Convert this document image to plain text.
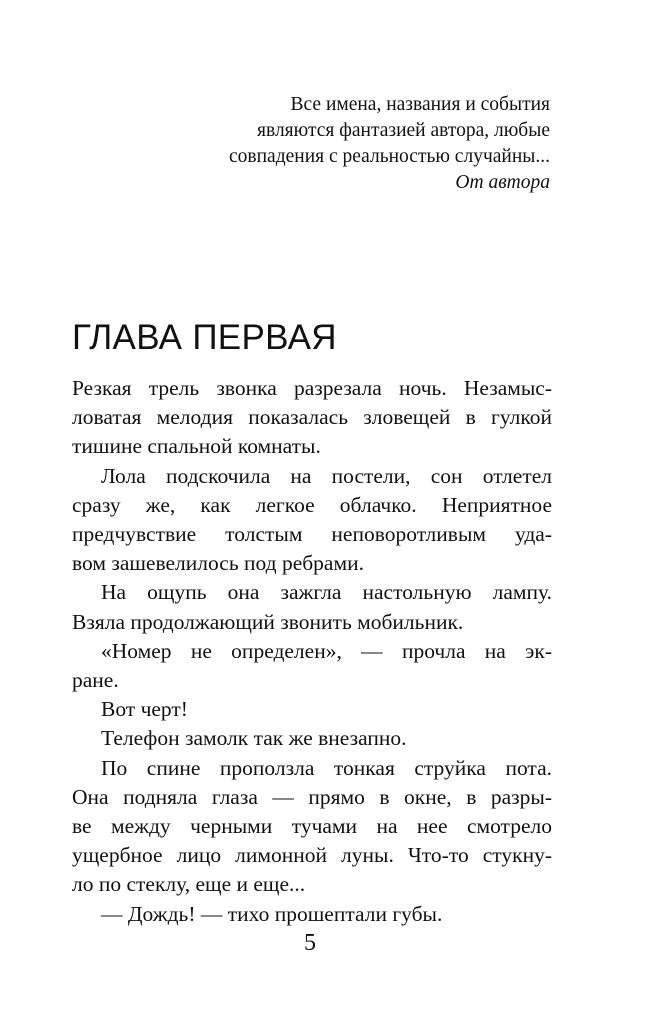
Все имена, названия и события
являются фантазией автора, любые
совпадения с реальностью случайны...
От автора
ГЛАВА ПЕРВАЯ
Резкая трель звонка разрезала ночь. Незамыс-
ловатая мелодия показалась зловещей в гулкой
тишине спальной комнаты.
Лола подскочила на постели, сон отлетел
сразу же, как легкое облачко. Неприятное
предчувствие толстым неповоротливым уда-
вом зашевелилось под ребрами.
На ощупь она зажгла настольную лампу.
Взяла продолжающий звонить мобильник.
«Номер не определен», — прочла на эк-
ране.
Вот черт!
Телефон замолк так же внезапно.
По спине проползла тонкая струйка пота.
Она подняла глаза — прямо в окне, в разры-
ве между черными тучами на нее смотрело
ущербное лицо лимонной луны. Что-то стукну-
ло по стеклу, еще и еще...
— Дождь! — тихо прошептали губы.
5
